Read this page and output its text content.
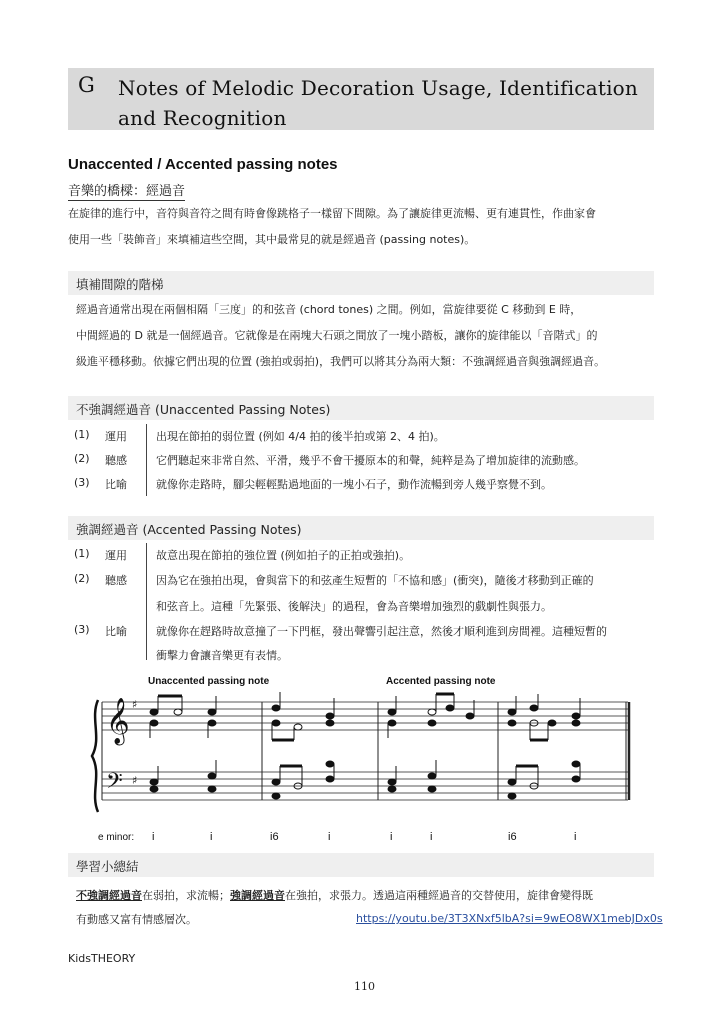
G Notes of Melodic Decoration Usage, Identification and Recognition
Unaccented / Accented passing notes
音樂的橋樑：經過音
在旋律的進行中，音符與音符之間有時會像跳格子一樣留下間隙。為了讓旋律更流暢、更有連貫性，作曲家會
使用一些「裝飾音」來填補這些空間，其中最常見的就是經過音 (passing notes)。
填補間隙的階梯
經過音通常出現在兩個相隔「三度」的和弦音 (chord tones) 之間。例如，當旋律要從 C 移動到 E 時，
中間經過的 D 就是一個經過音。它就像是在兩塊大石頭之間放了一塊小踏板，讓你的旋律能以「音階式」的
級進平穩移動。依據它們出現的位置 (強拍或弱拍)，我們可以將其分為兩大類：不強調經過音與強調經過音。
不強調經過音 (Unaccented Passing Notes)
(1) 運用	出現在節拍的弱位置 (例如 4/4 拍的後半拍或第 2、4 拍)。
(2) 聽感	它們聽起來非常自然、平滑，幾乎不會干擾原本的和聲，純粹是為了增加旋律的流動感。
(3) 比喻	就像你走路時，腳尖輕輕點過地面的一塊小石子，動作流暢到旁人幾乎察覺不到。
強調經過音 (Accented Passing Notes)
(1) 運用	故意出現在節拍的強位置 (例如拍子的正拍或強拍)。
(2) 聽感	因為它在強拍出現，會與當下的和弦產生短暫的「不協和感」(衝突)，隨後才移動到正確的
和弦音上。這種「先緊張、後解決」的過程，會為音樂增加強烈的戲劇性與張力。
(3) 比喻	就像你在趕路時故意撞了一下門框，發出聲響引起注意，然後才順利進到房間裡。這種短暫的
衝擊力會讓音樂更有表情。
Unaccented passing note	Accented passing note
𝄞
𝄢
♯
♯
e minor: i	i	i6	i	i	i	i6	i
學習小總結
不強調經過音在弱拍，求流暢；強調經過音在強拍，求張力。透過這兩種經過音的交替使用，旋律會變得既
有動感又富有情感層次。	https://youtu.be/3T3XNxf5lbA?si=9wEO8WX1mebJDx0s
KidsTHEORY
110
